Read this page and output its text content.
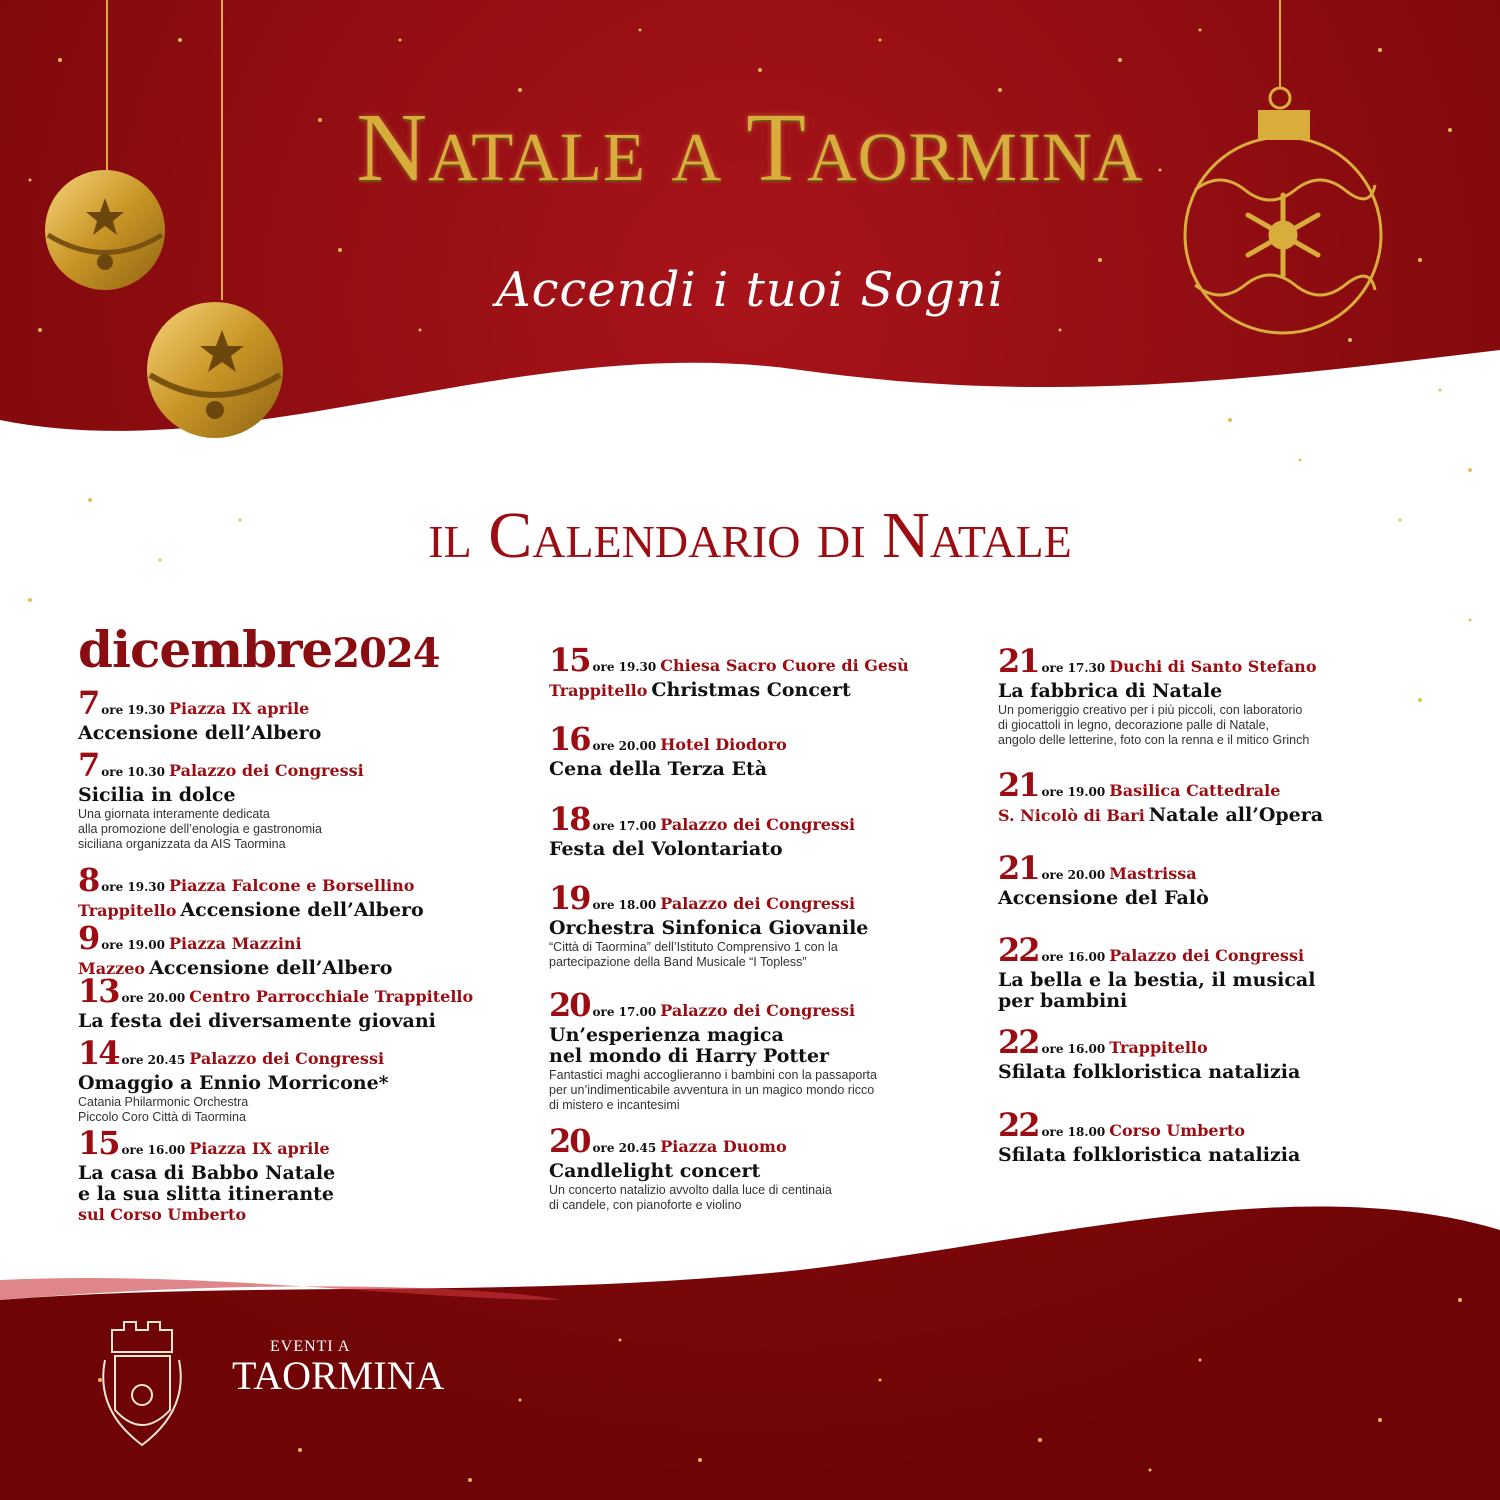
Natale a Taormina
Accendi i tuoi Sogni
il Calendario di Natale
dicembre2024
7 ore 19.30 Piazza IX aprile
Accensione dell’Albero
7 ore 10.30 Palazzo dei Congressi
Sicilia in dolce
Una giornata interamente dedicata
alla promozione dell’enologia e gastronomia
siciliana organizzata da AIS Taormina
8 ore 19.30 Piazza Falcone e Borsellino
Trappitello Accensione dell’Albero
9 ore 19.00 Piazza Mazzini
Mazzeo Accensione dell’Albero
13 ore 20.00 Centro Parrocchiale Trappitello
La festa dei diversamente giovani
14 ore 20.45 Palazzo dei Congressi
Omaggio a Ennio Morricone*
Catania Philarmonic Orchestra
Piccolo Coro Città di Taormina
15 ore 16.00 Piazza IX aprile
La casa di Babbo Natale
e la sua slitta itinerante
sul Corso Umberto
15 ore 19.30 Chiesa Sacro Cuore di Gesù
Trappitello Christmas Concert
16 ore 20.00 Hotel Diodoro
Cena della Terza Età
18 ore 17.00 Palazzo dei Congressi
Festa del Volontariato
19 ore 18.00 Palazzo dei Congressi
Orchestra Sinfonica Giovanile
“Città di Taormina” dell’Istituto Comprensivo 1 con la
partecipazione della Band Musicale “I Topless”
20 ore 17.00 Palazzo dei Congressi
Un’esperienza magica
nel mondo di Harry Potter
Fantastici maghi accoglieranno i bambini con la passaporta
per un’indimenticabile avventura in un magico mondo ricco
di mistero e incantesimi
20 ore 20.45 Piazza Duomo
Candlelight concert
Un concerto natalizio avvolto dalla luce di centinaia
di candele, con pianoforte e violino
21 ore 17.30 Duchi di Santo Stefano
La fabbrica di Natale
Un pomeriggio creativo per i più piccoli, con laboratorio
di giocattoli in legno, decorazione palle di Natale,
angolo delle letterine, foto con la renna e il mitico Grinch
21 ore 19.00 Basilica Cattedrale
S. Nicolò di Bari Natale all’Opera
21 ore 20.00 Mastrissa
Accensione del Falò
22 ore 16.00 Palazzo dei Congressi
La bella e la bestia, il musical
per bambini
22 ore 16.00 Trappitello
Sfilata folkloristica natalizia
22 ore 18.00 Corso Umberto
Sfilata folkloristica natalizia
EVENTI A
TAORMINA
